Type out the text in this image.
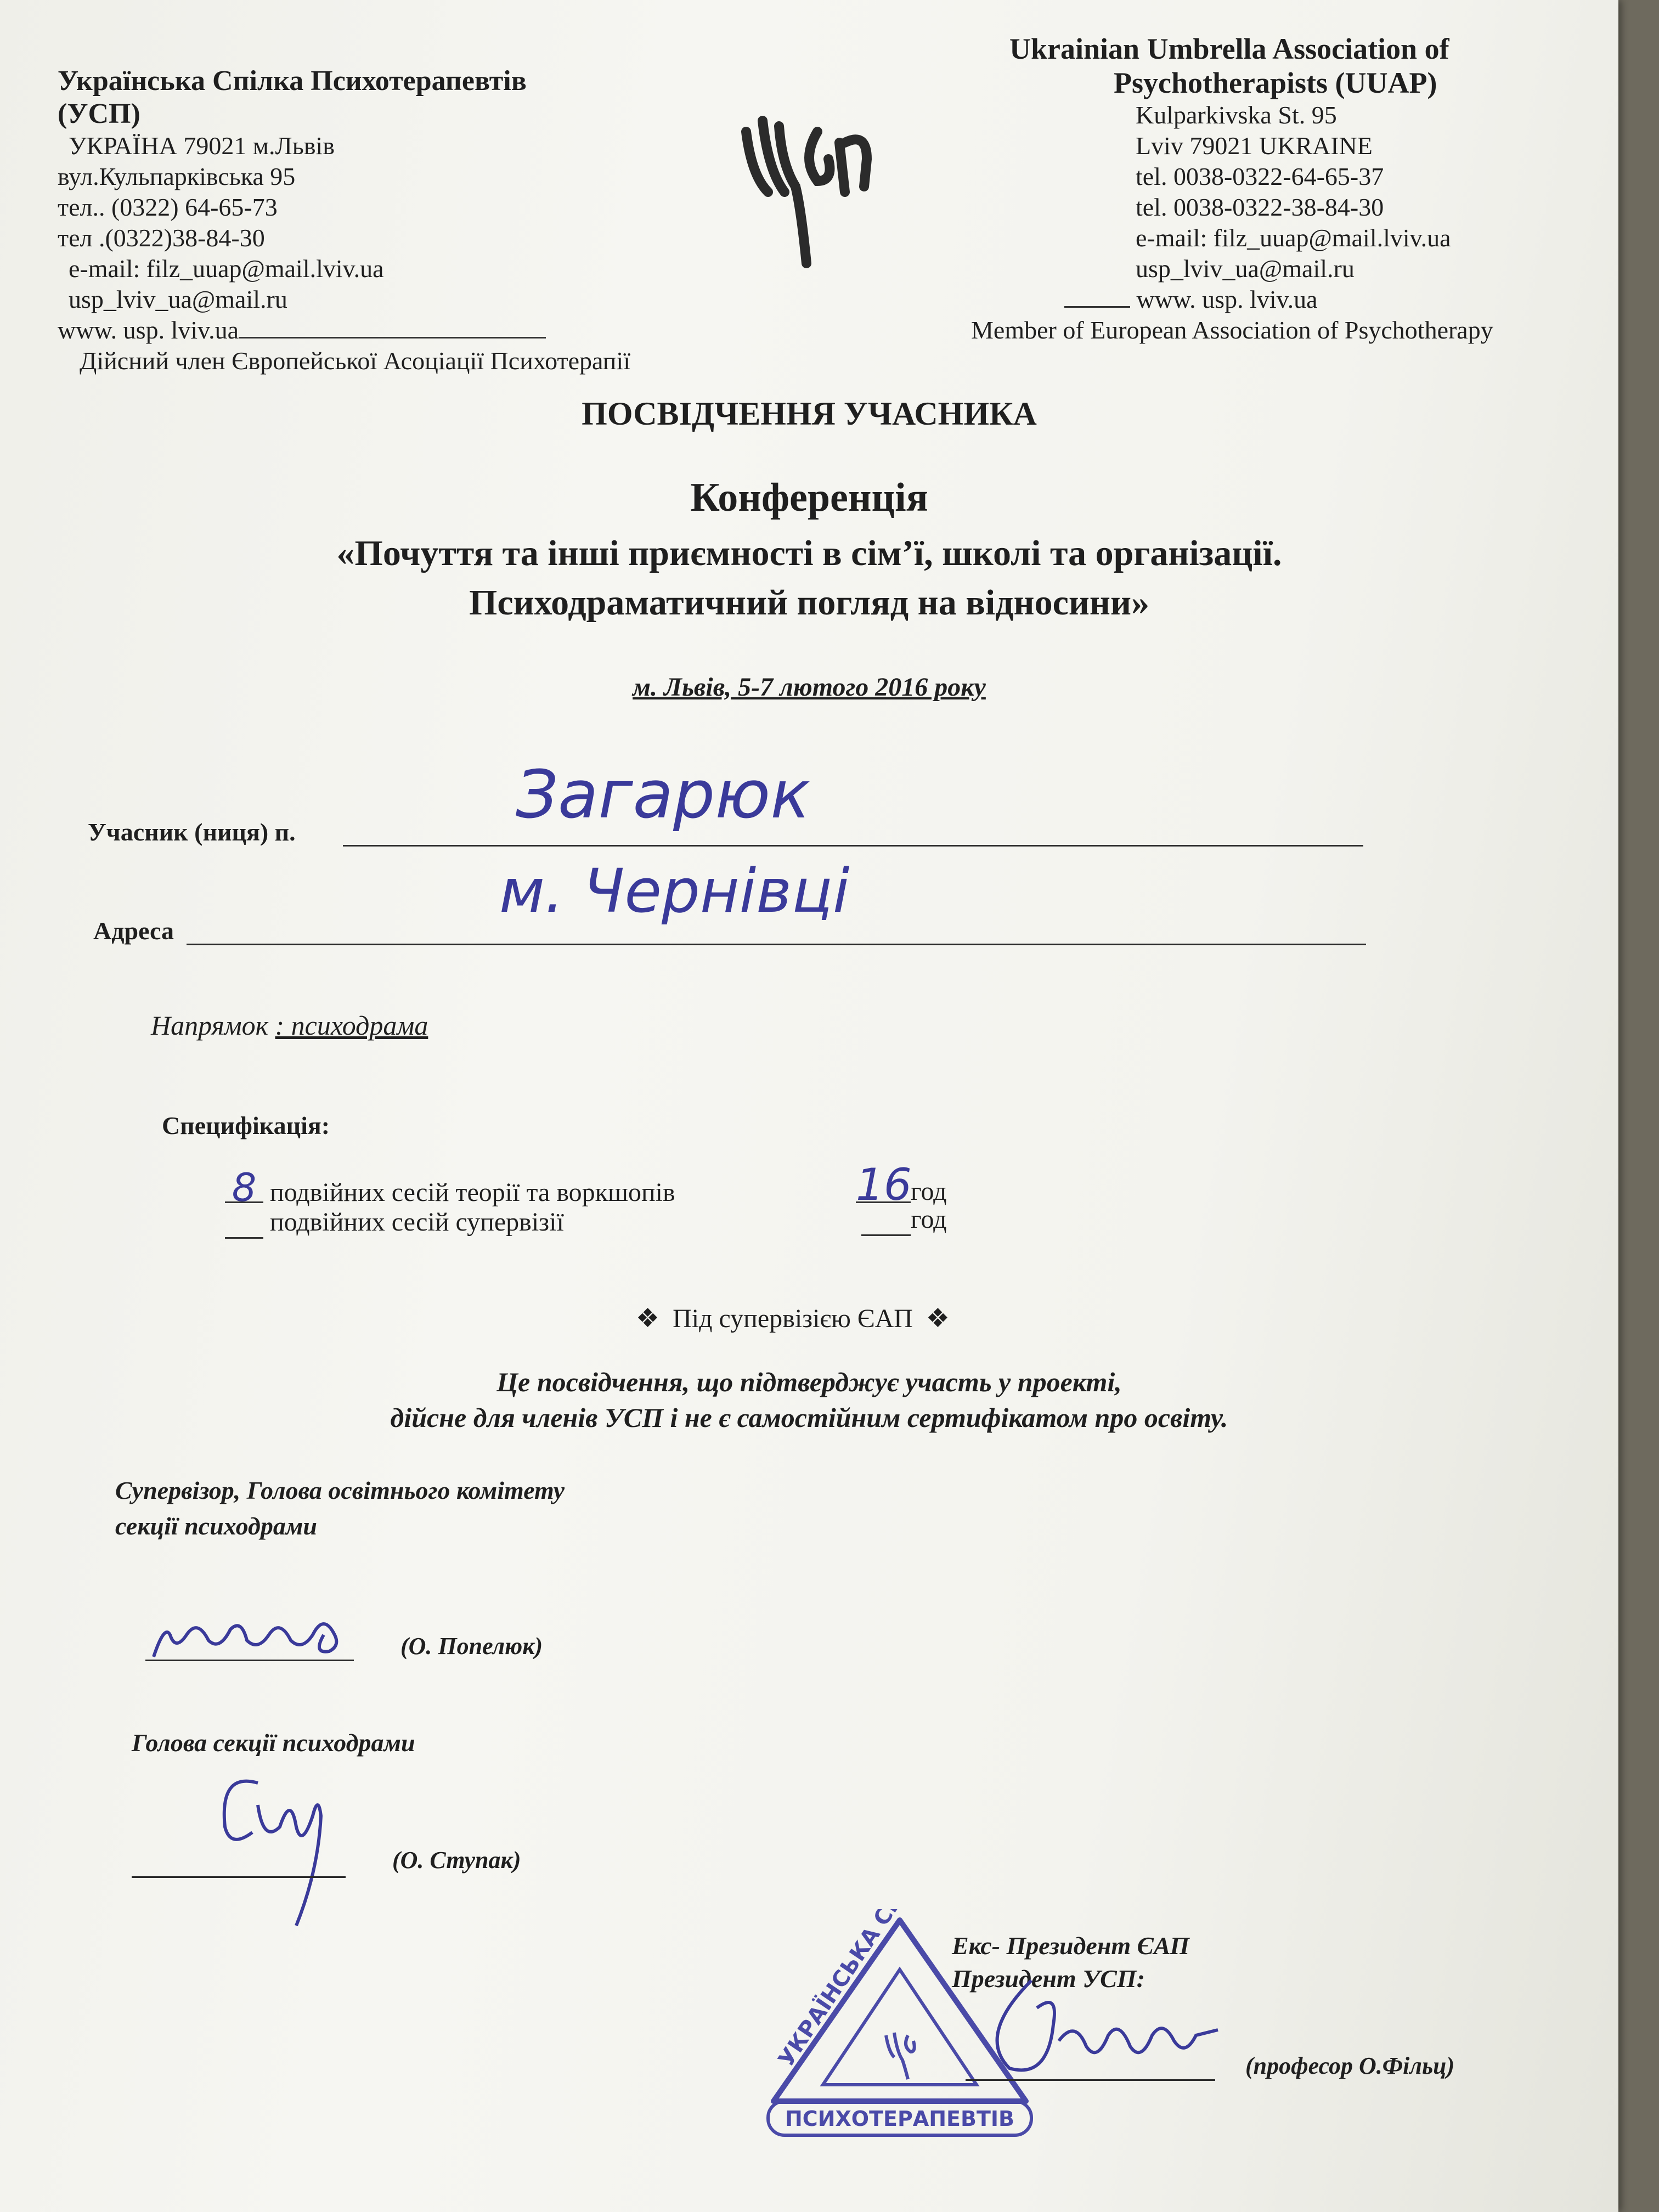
Українська Спілка Психотерапевтів
(УСП)
УКРАЇНА 79021 м.Львів
вул.Кульпарківська 95
тел.. (0322) 64-65-73
тел .(0322)38-84-30
e-mail: filz_uuap@mail.lviv.ua
usp_lviv_ua@mail.ru
www. usp. lviv.ua
Дійсний член Європейської Асоціації Психотерапії
Ukrainian Umbrella Association of
Psychotherapists (UUAP)
Kulparkivska St. 95
Lviv 79021 UKRAINE
tel. 0038-0322-64-65-37
tel. 0038-0322-38-84-30
e-mail: filz_uuap@mail.lviv.ua
usp_lviv_ua@mail.ru
www. usp. lviv.ua
Member of European Association of Psychotherapy
ПОСВІДЧЕННЯ УЧАСНИКА
Конференція
«Почуття та інші приємності в сім’ї, школі та організації.
Психодраматичний погляд на відносини»
м. Львів, 5-7 лютого 2016 року
Учасник (ниця) п.	Загарюк
Адреса
м. Чернівці
Напрямок : психодрама
Специфікація:
8 подвійних сесій теорії та воркшопів	16год
подвійних сесій супервізії	год
❖ Під супервізією ЄАП ❖
Це посвідчення, що підтверджує участь у проекті,
дійсне для членів УСП і не є самостійним сертифікатом про освіту.
Супервізор, Голова освітнього комітету
секції психодрами
(О. Попелюк)
Голова секції психодрами
(О. Ступак)
Екс- Президент ЄАП
Президент УСП:
УКРАЇНСЬКА СПІЛКА
ПСИХОТЕРАПЕВТІВ
(професор О.Фільц)
